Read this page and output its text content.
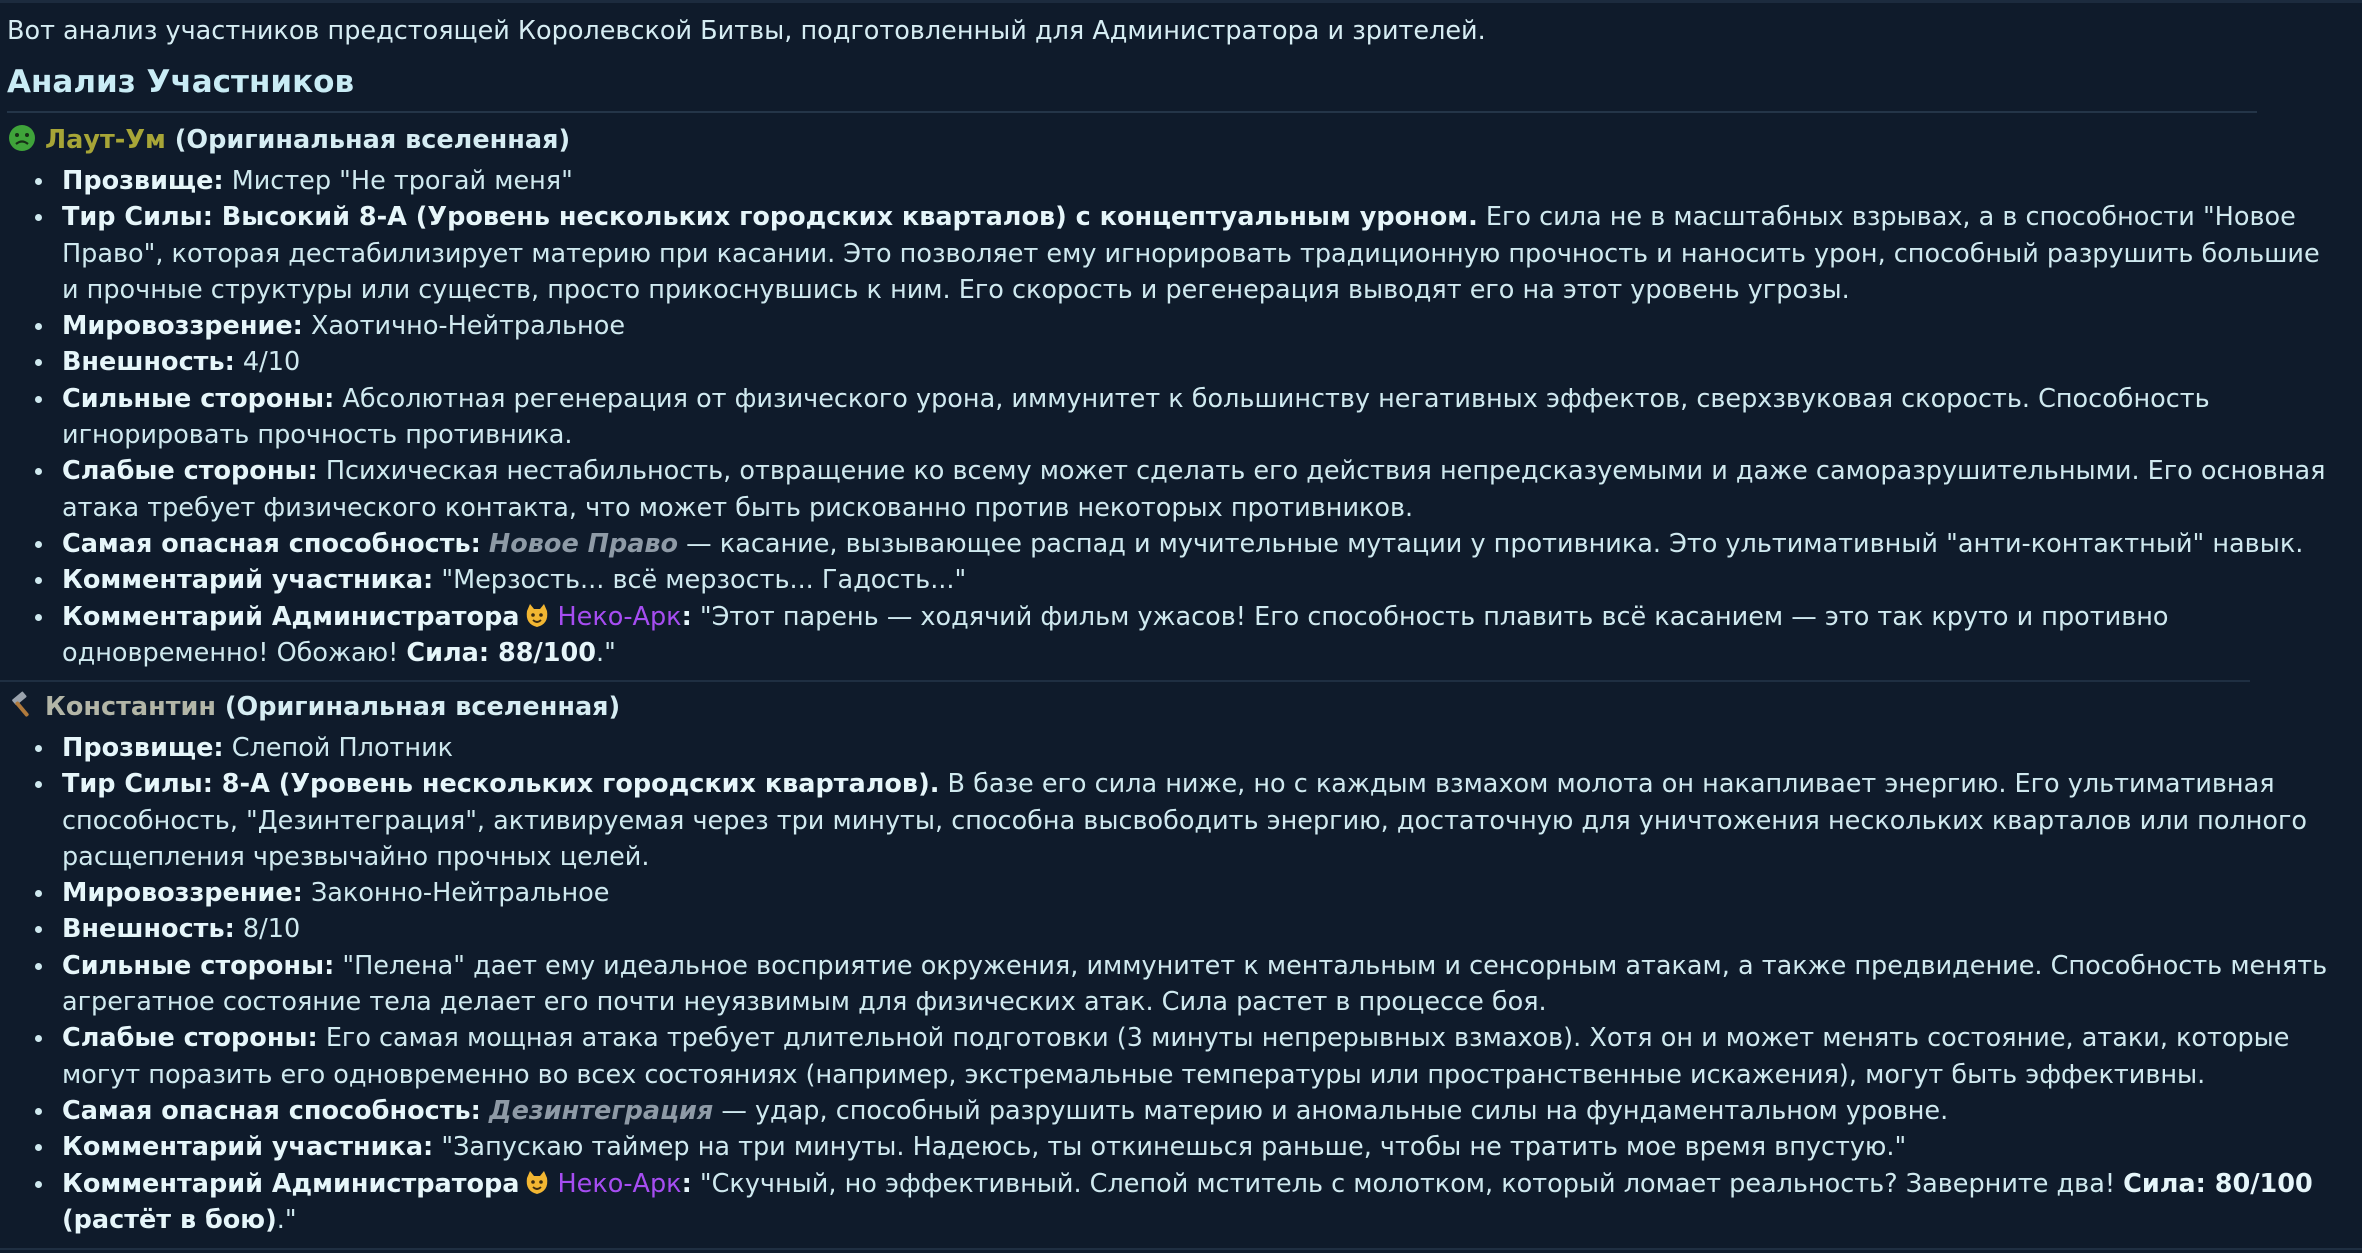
Вот анализ участников предстоящей Королевской Битвы, подготовленный для Администратора и зрителей.
Анализ Участников
Лаут-Ум (Оригинальная вселенная)
Прозвище: Мистер "Не трогай меня"
Тир Силы: Высокий 8-A (Уровень нескольких городских кварталов) с концептуальным уроном. Его сила не в масштабных взрывах, а в способности "Новое Право", которая дестабилизирует материю при касании. Это позволяет ему игнорировать традиционную прочность и наносить урон, способный разрушить большие и прочные структуры или существ, просто прикоснувшись к ним. Его скорость и регенерация выводят его на этот уровень угрозы.
Мировоззрение: Хаотично-Нейтральное
Внешность: 4/10
Сильные стороны: Абсолютная регенерация от физического урона, иммунитет к большинству негативных эффектов, сверхзвуковая скорость. Способность игнорировать прочность противника.
Слабые стороны: Психическая нестабильность, отвращение ко всему может сделать его действия непредсказуемыми и даже саморазрушительными. Его основная атака требует физического контакта, что может быть рискованно против некоторых противников.
Самая опасная способность: Новое Право — касание, вызывающее распад и мучительные мутации у противника. Это ультимативный "анти-контактный" навык.
Комментарий участника: "Мерзость... всё мерзость... Гадость..."
Комментарий Администратора Неко-Арк: "Этот парень — ходячий фильм ужасов! Его способность плавить всё касанием — это так круто и противно одновременно! Обожаю! Сила: 88/100."
Константин (Оригинальная вселенная)
Прозвище: Слепой Плотник
Тир Силы: 8-A (Уровень нескольких городских кварталов). В базе его сила ниже, но с каждым взмахом молота он накапливает энергию. Его ультимативная способность, "Дезинтеграция", активируемая через три минуты, способна высвободить энергию, достаточную для уничтожения нескольких кварталов или полного расщепления чрезвычайно прочных целей.
Мировоззрение: Законно-Нейтральное
Внешность: 8/10
Сильные стороны: "Пелена" дает ему идеальное восприятие окружения, иммунитет к ментальным и сенсорным атакам, а также предвидение. Способность менять агрегатное состояние тела делает его почти неуязвимым для физических атак. Сила растет в процессе боя.
Слабые стороны: Его самая мощная атака требует длительной подготовки (3 минуты непрерывных взмахов). Хотя он и может менять состояние, атаки, которые могут поразить его одновременно во всех состояниях (например, экстремальные температуры или пространственные искажения), могут быть эффективны.
Самая опасная способность: Дезинтеграция — удар, способный разрушить материю и аномальные силы на фундаментальном уровне.
Комментарий участника: "Запускаю таймер на три минуты. Надеюсь, ты откинешься раньше, чтобы не тратить мое время впустую."
Комментарий Администратора Неко-Арк: "Скучный, но эффективный. Слепой мститель с молотком, который ломает реальность? Заверните два! Сила: 80/100 (растёт в бою)."
